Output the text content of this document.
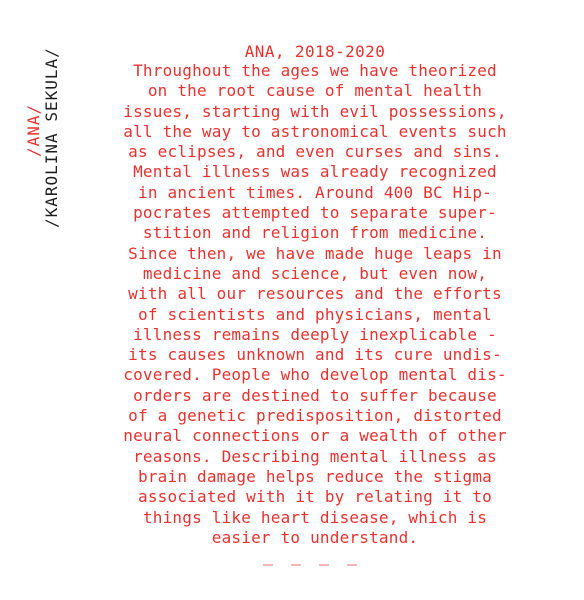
/ANA/ /KAROLINA SEKULA/	ANA, 2018-2020
Throughout the ages we have theorized
on the root cause of mental health
issues, starting with evil possessions,
all the way to astronomical events such
as eclipses, and even curses and sins.
Mental illness was already recognized
in ancient times. Around 400 BC Hip-
pocrates attempted to separate super-
stition and religion from medicine.
Since then, we have made huge leaps in
medicine and science, but even now,
with all our resources and the efforts
of scientists and physicians, mental
illness remains deeply inexplicable -
its causes unknown and its cure undis-
covered. People who develop mental dis-
orders are destined to suffer because
of a genetic predisposition, distorted
neural connections or a wealth of other
reasons. Describing mental illness as
brain damage helps reduce the stigma
associated with it by relating it to
things like heart disease, which is
easier to understand.
